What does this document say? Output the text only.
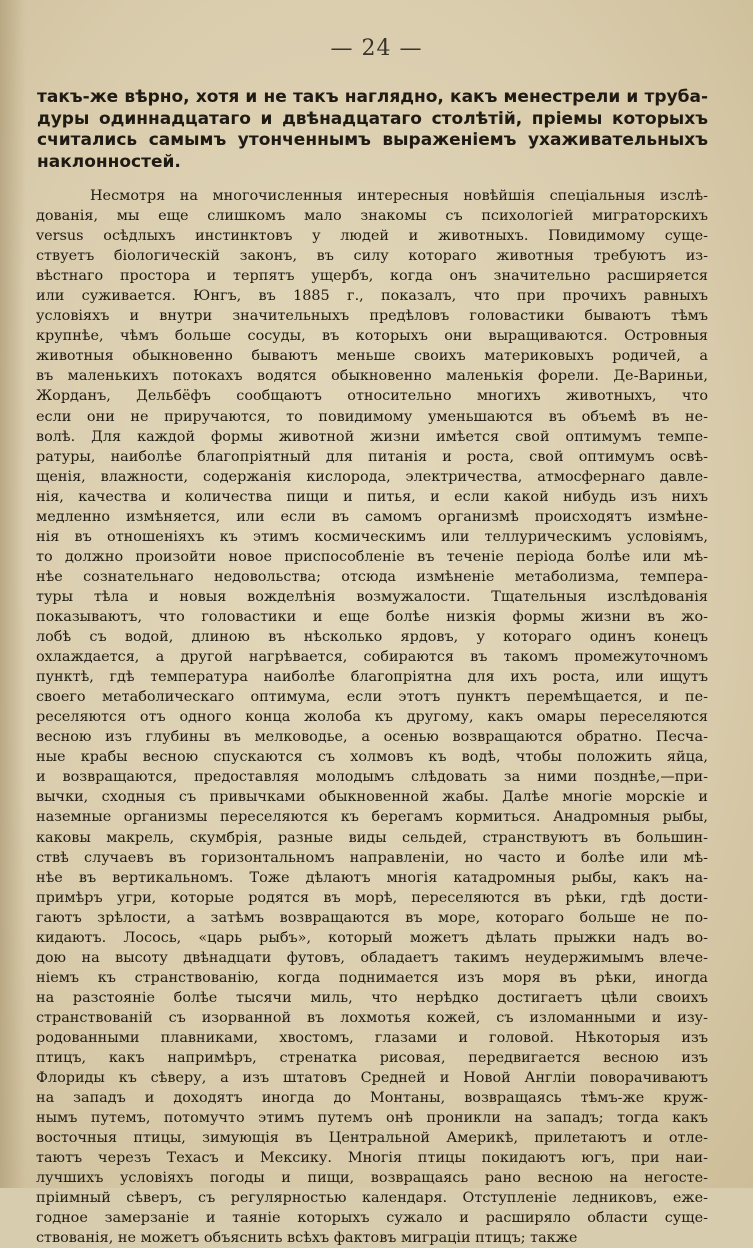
— 24 —
такъ-же вѣрно, хотя и не такъ наглядно, какъ менестрели и труба-
дуры одиннадцатаго и двѣнадцатаго столѣтій, пріемы которыхъ
считались самымъ утонченнымъ выраженіемъ ухаживательныхъ
наклонностей.
Несмотря на многочисленныя интересныя новѣйшія спеціальныя изслѣ-
дованія, мы еще слишкомъ мало знакомы съ психологіей мигpаторскихъ
versus осѣдлыхъ инстинктовъ у людей и животныхъ. Повидимому суще-
ствуетъ біологическій законъ, въ силу котораго животныя требуютъ из-
вѣстнаго простора и терпятъ ущербъ, когда онъ значительно расширяется
или суживается. Юнгъ, въ 1885 г., показалъ, что при прочихъ равныхъ
условіяхъ и внутри значительныхъ предѣловъ головастики бываютъ тѣмъ
крупнѣе, чѣмъ больше сосуды, въ которыхъ они выращиваются. Островныя
животныя обыкновенно бываютъ меньше своихъ материковыхъ родичей, а
въ маленькихъ потокахъ водятся обыкновенно маленькія форели. Де-Вариньи,
Жорданъ, Дельбёфъ сообщаютъ относительно многихъ животныхъ, что
если они не приручаются, то повидимому уменьшаются въ объемѣ въ не-
волѣ. Для каждой формы животной жизни имѣется свой оптимумъ темпе-
ратуры, наиболѣе благопріятный для питанія и роста, свой оптимумъ освѣ-
щенія, влажности, содержанія кислорода, электричества, атмосфернаго давле-
нія, качества и количества пищи и питья, и если какой нибудь изъ нихъ
медленно измѣняется, или если въ самомъ организмѣ происходятъ измѣне-
нія въ отношеніяхъ къ этимъ космическимъ или теллурическимъ условіямъ,
то должно произойти новое приспособленіе въ теченіе періода болѣе или мѣ-
нѣе сознательнаго недовольства; отсюда измѣненіе метаболизма, темпера-
туры тѣла и новыя вожделѣнія возмужалости. Тщательныя изслѣдованія
показываютъ, что головастики и еще болѣе низкія формы жизни въ жо-
лобѣ съ водой, длиною въ нѣсколько ярдовъ, у котораго одинъ конецъ
охлаждается, а другой нагрѣвается, собираются въ такомъ промежуточномъ
пунктѣ, гдѣ температура наиболѣе благопріятна для ихъ роста, или ищутъ
своего метаболическаго оптимума, если этотъ пунктъ перемѣщается, и пе-
реселяются отъ одного конца жолоба къ другому, какъ омары переселяются
весною изъ глубины въ мелководье, а осенью возвращаются обратно. Песча-
ные крабы весною спускаются съ холмовъ къ водѣ, чтобы положить яйца,
и возвращаются, предоставляя молодымъ слѣдовать за ними позднѣе,—при-
вычки, сходныя съ привычками обыкновенной жабы. Далѣе многіе морскіе и
наземные организмы переселяются къ берегамъ кормиться. Анадромныя рыбы,
каковы макрель, скумбрія, разные виды сельдей, странствуютъ въ большин-
ствѣ случаевъ въ горизонтальномъ направленіи, но часто и болѣе или мѣ-
нѣе въ вертикальномъ. Тоже дѣлаютъ многія катадромныя рыбы, какъ на-
примѣръ угри, которые родятся въ морѣ, переселяются въ рѣки, гдѣ дости-
гаютъ зрѣлости, а затѣмъ возвращаются въ море, котораго больше не по-
кидаютъ. Лосось, «царь рыбъ», который можетъ дѣлать прыжки надъ во-
дою на высоту двѣнадцати футовъ, обладаетъ такимъ неудержимымъ влече-
ніемъ къ странствованію, когда поднимается изъ моря въ рѣки, иногда
на разстояніе болѣе тысячи миль, что нерѣдко достигаетъ цѣли своихъ
странствованій съ изорванной въ лохмотья кожей, съ изломанными и изу-
родованными плавниками, хвостомъ, глазами и головой. Нѣкоторыя изъ
птицъ, какъ напримѣръ, стренатка рисовая, передвигается весною изъ
Флориды къ сѣверу, а изъ штатовъ Средней и Новой Англіи поворачиваютъ
на западъ и доходятъ иногда до Монтаны, возвращаясь тѣмъ-же круж-
нымъ путемъ, потомучто этимъ путемъ онѣ проникли на западъ; тогда какъ
восточныя птицы, зимующія въ Центральной Америкѣ, прилетаютъ и отле-
таютъ черезъ Техасъ и Мексику. Многія птицы покидаютъ югъ, при наи-
лучшихъ условіяхъ погоды и пищи, возвращаясь рано весною на негосте-
пріимный сѣверъ, съ регулярностью календаря. Отступленіе ледниковъ, еже-
годное замерзаніе и таяніе которыхъ сужало и расширяло области суще-
ствованія, не можетъ объяснить всѣхъ фактовъ миграціи птицъ; также
